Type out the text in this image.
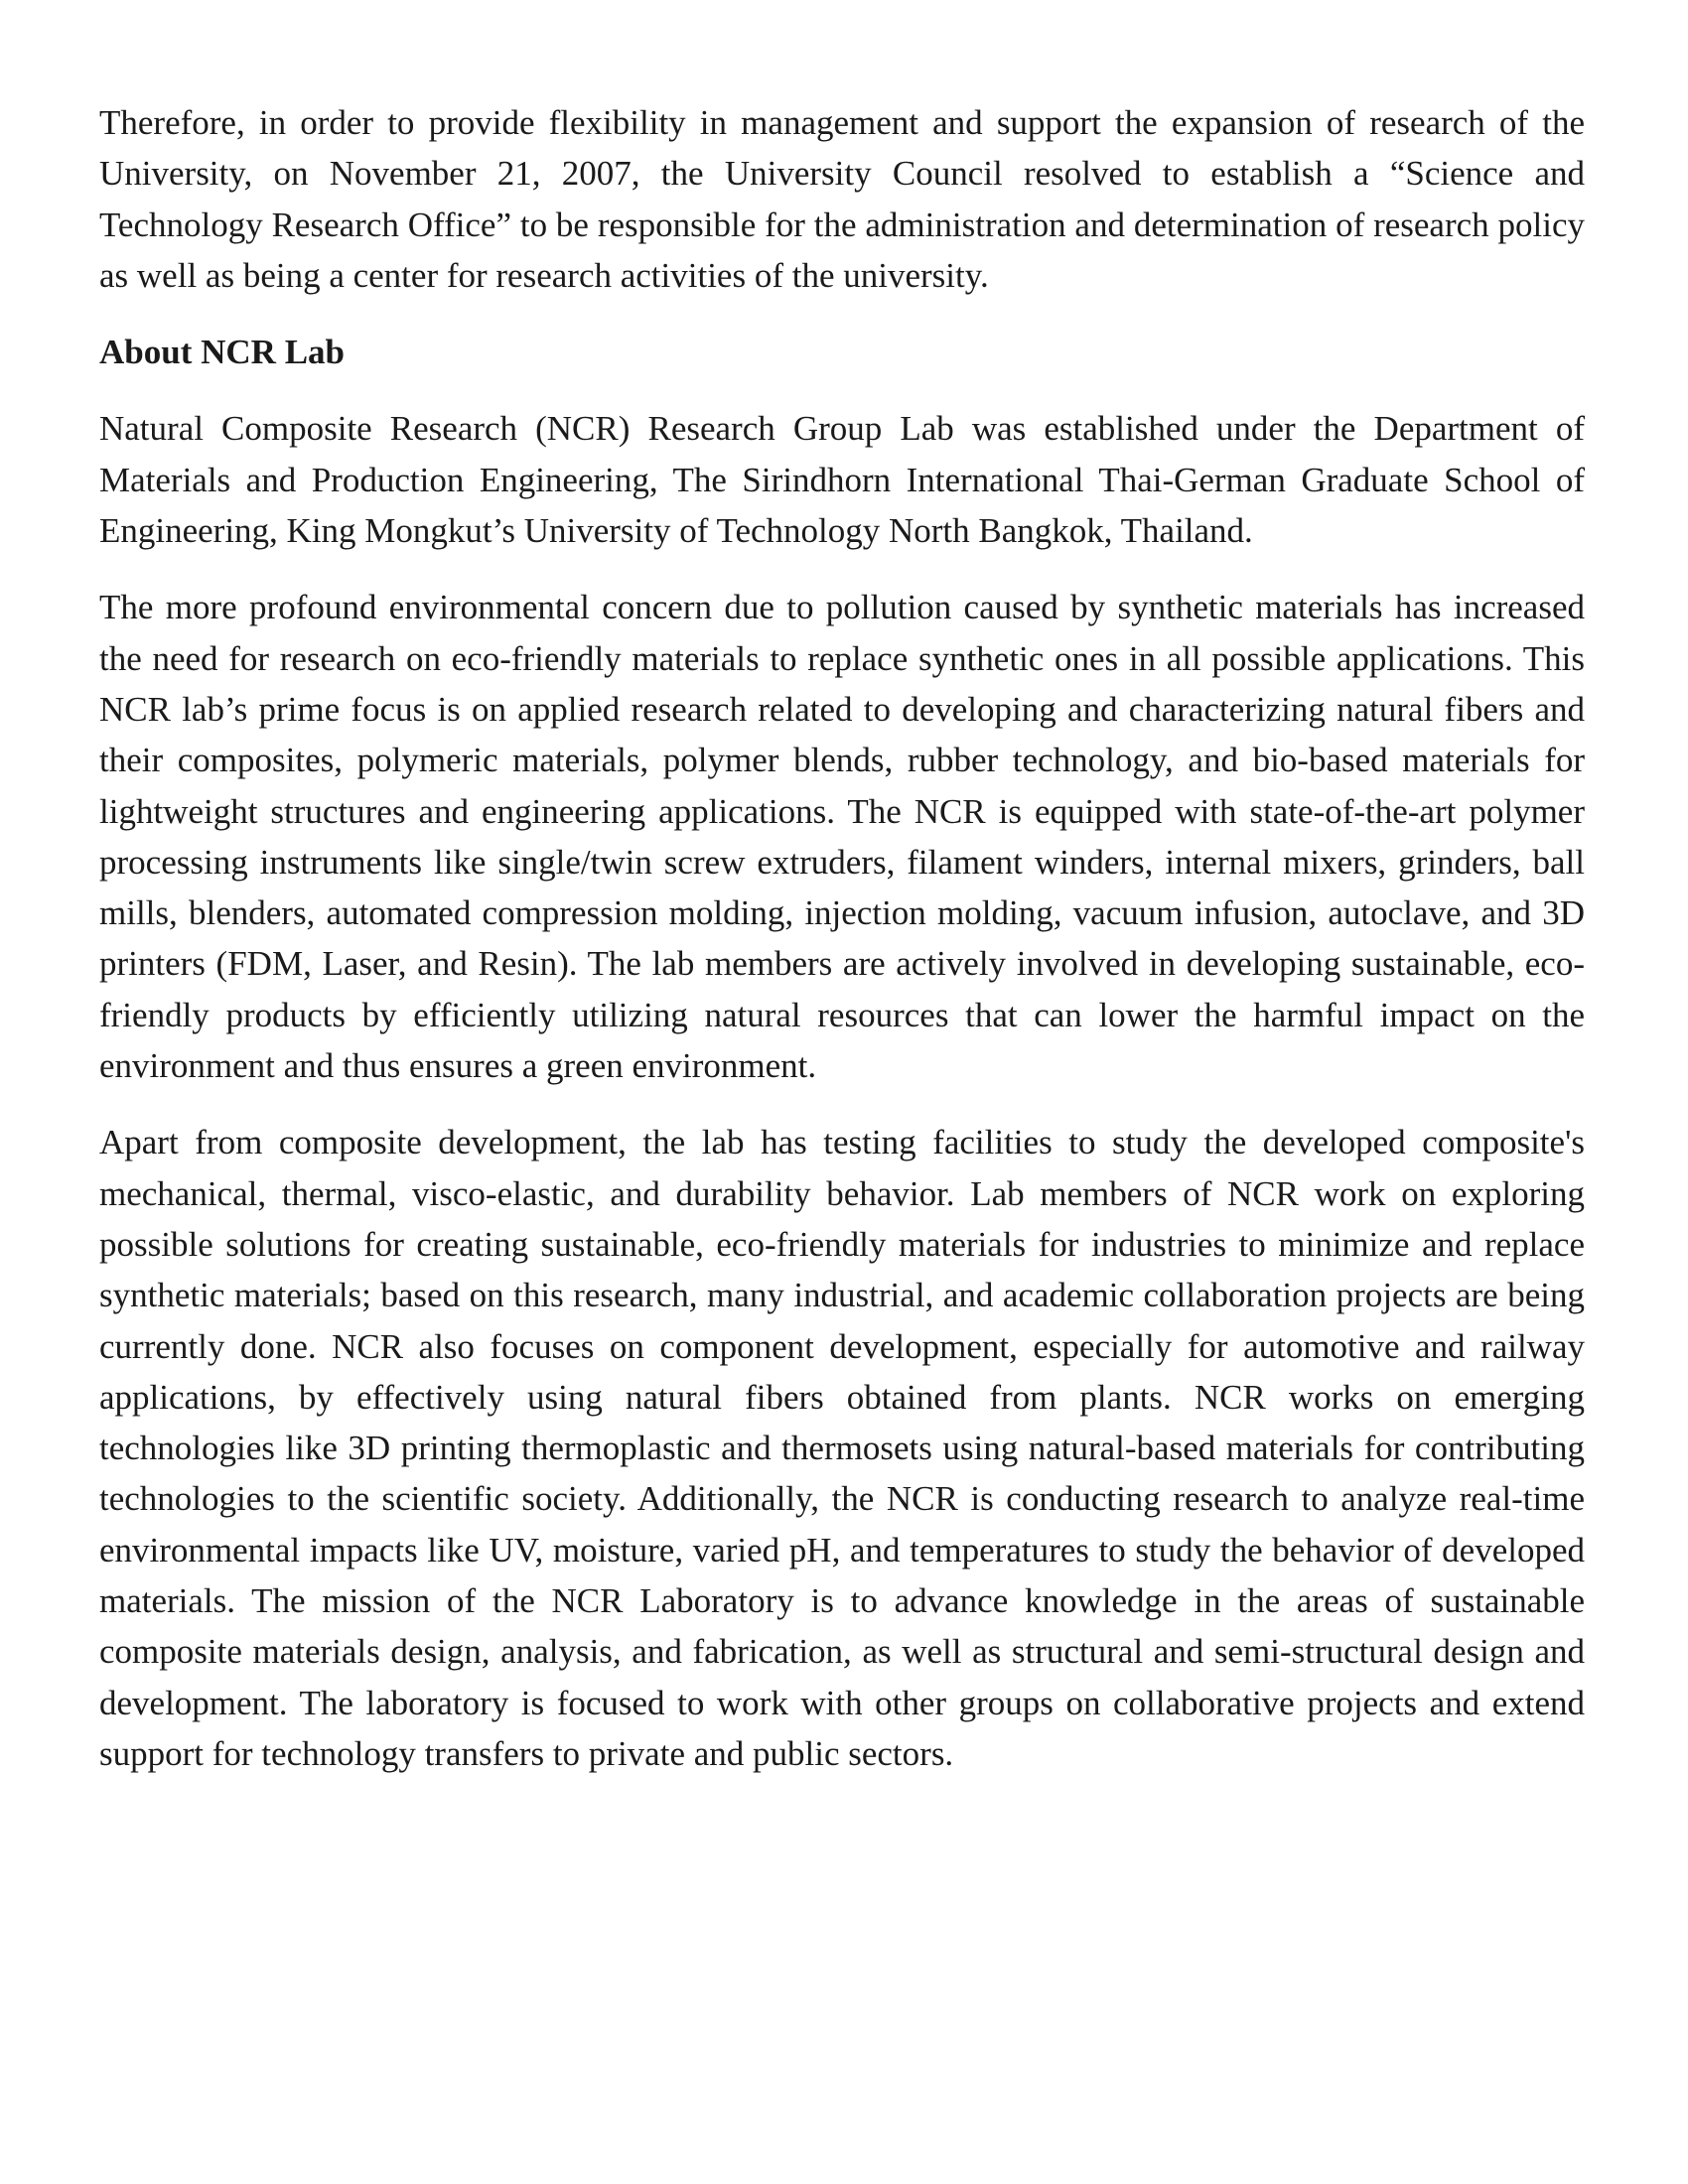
Therefore, in order to provide flexibility in management and support the expansion of research of the University, on November 21, 2007, the University Council resolved to establish a “Science and Technology Research Office” to be responsible for the administration and determination of research policy as well as being a center for research activities of the university.

About NCR Lab

Natural Composite Research (NCR) Research Group Lab was established under the Department of Materials and Production Engineering, The Sirindhorn International Thai-German Graduate School of Engineering, King Mongkut’s University of Technology North Bangkok, Thailand.

The more profound environmental concern due to pollution caused by synthetic materials has increased the need for research on eco-friendly materials to replace synthetic ones in all possible applications. This NCR lab’s prime focus is on applied research related to developing and characterizing natural fibers and their composites, polymeric materials, polymer blends, rubber technology, and bio-based materials for lightweight structures and engineering applications. The NCR is equipped with state-of-the-art polymer processing instruments like single/twin screw extruders, filament winders, internal mixers, grinders, ball mills, blenders, automated compression molding, injection molding, vacuum infusion, autoclave, and 3D printers (FDM, Laser, and Resin). The lab members are actively involved in developing sustainable, eco-friendly products by efficiently utilizing natural resources that can lower the harmful impact on the environment and thus ensures a green environment.

Apart from composite development, the lab has testing facilities to study the developed composite's mechanical, thermal, visco-elastic, and durability behavior. Lab members of NCR work on exploring possible solutions for creating sustainable, eco-friendly materials for industries to minimize and replace synthetic materials; based on this research, many industrial, and academic collaboration projects are being currently done. NCR also focuses on component development, especially for automotive and railway applications, by effectively using natural fibers obtained from plants. NCR works on emerging technologies like 3D printing thermoplastic and thermosets using natural-based materials for contributing technologies to the scientific society. Additionally, the NCR is conducting research to analyze real-time environmental impacts like UV, moisture, varied pH, and temperatures to study the behavior of developed materials. The mission of the NCR Laboratory is to advance knowledge in the areas of sustainable composite materials design, analysis, and fabrication, as well as structural and semi-structural design and development. The laboratory is focused to work with other groups on collaborative projects and extend support for technology transfers to private and public sectors.
